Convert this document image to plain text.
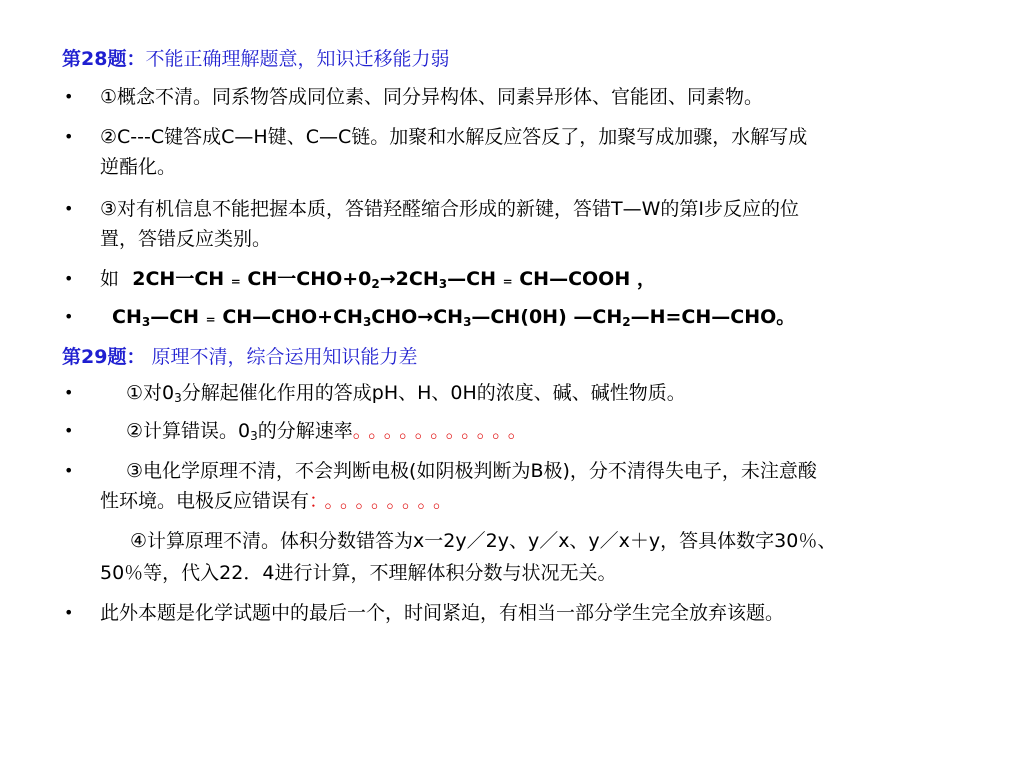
第28题：不能正确理解题意，知识迁移能力弱
• ①概念不清。同系物答成同位素、同分异构体、同素异形体、官能团、同素物。
• ②C---C键答成C—H键、C—C链。加聚和水解反应答反了，加聚写成加骤，水解写成
逆酯化。
• ③对有机信息不能把握本质，答错羟醛缩合形成的新键，答错T—W的第I步反应的位
置，答错反应类别。
• 如 2CH一CH ₌ CH一$CHO+0_2\to 2CH_3—CH$ ₌ CH—COOH ，
• $CH_3—CH$ ₌ $CH—CHO+CH_3CHO\to CH_3—CH(0H)$ $—CH_2—H=CH—CHO$。
第29题： 原理不清，综合运用知识能力差
•	①对$0_3$分解起催化作用的答成pH、H、0H的浓度、碱、碱性物质。
•	②计算错误。$0_3$的分解速率。。。。。。。。。。。
•	③电化学原理不清，不会判断电极(如阴极判断为B极)，分不清得失电子，未注意酸
性环境。电极反应错误有：。。。。。。。。
④计算原理不清。体积分数错答为x一2y／2y、y／x、y／x＋y，答具体数字30％、
50％等，代入22．4进行计算，不理解体积分数与状况无关。
• 此外本题是化学试题中的最后一个，时间紧迫，有相当一部分学生完全放弃该题。
